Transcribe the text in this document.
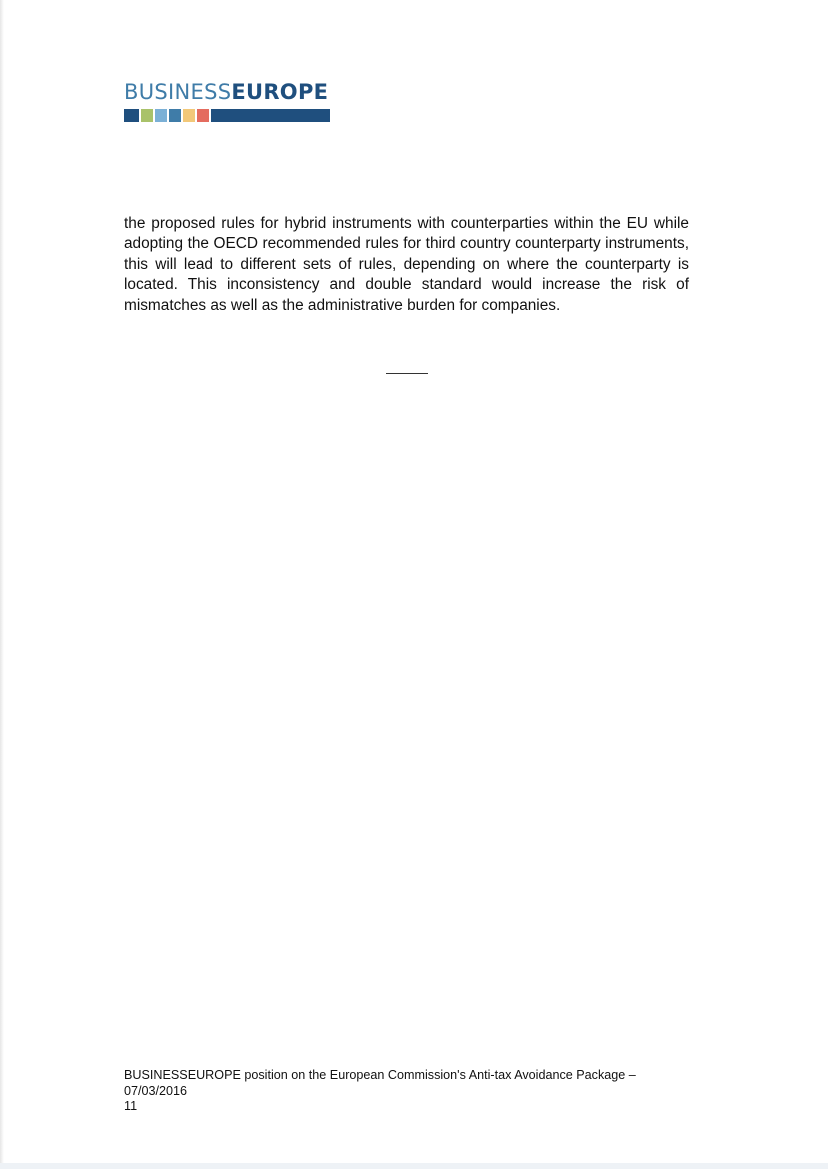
BUSINESSEUROPE

the proposed rules for hybrid instruments with counterparties within the EU while adopting the OECD recommended rules for third country counterparty instruments, this will lead to different sets of rules, depending on where the counterparty is located. This inconsistency and double standard would increase the risk of mismatches as well as the administrative burden for companies.

BUSINESSEUROPE position on the European Commission's Anti-tax Avoidance Package –
07/03/2016
11
